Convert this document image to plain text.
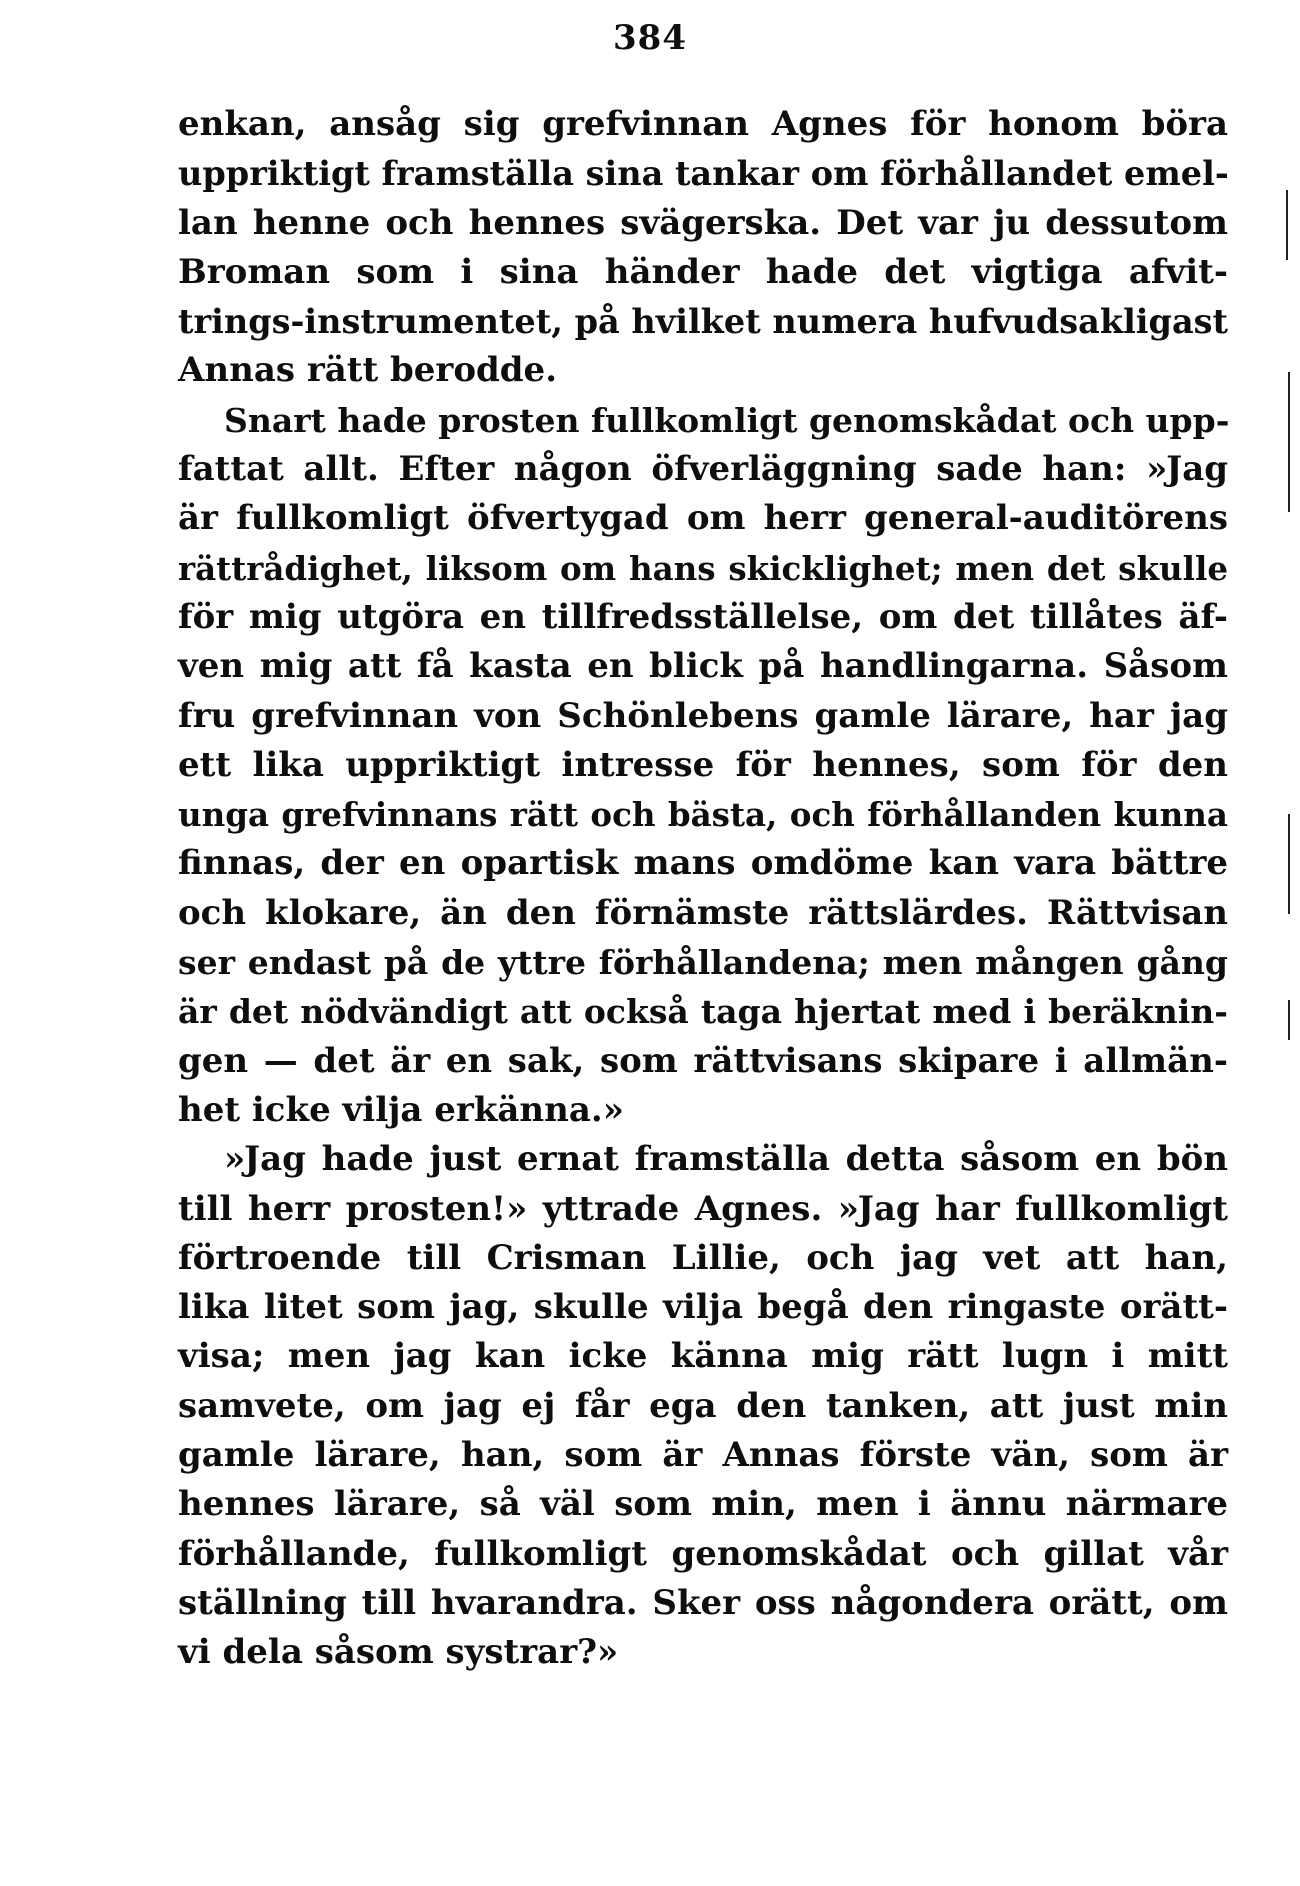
384
enkan, ansåg sig grefvinnan Agnes för honom böra
uppriktigt framställa sina tankar om förhållandet emel-
lan henne och hennes svägerska. Det var ju dessutom
Broman som i sina händer hade det vigtiga afvit-
trings-instrumentet, på hvilket numera hufvudsakligast
Annas rätt berodde.
Snart hade prosten fullkomligt genomskådat och upp-
fattat allt. Efter någon öfverläggning sade han: »Jag
är fullkomligt öfvertygad om herr general-auditörens
rättrådighet, liksom om hans skicklighet; men det skulle
för mig utgöra en tillfredsställelse, om det tillåtes äf-
ven mig att få kasta en blick på handlingarna. Såsom
fru grefvinnan von Schönlebens gamle lärare, har jag
ett lika uppriktigt intresse för hennes, som för den
unga grefvinnans rätt och bästa, och förhållanden kunna
finnas, der en opartisk mans omdöme kan vara bättre
och klokare, än den förnämste rättslärdes. Rättvisan
ser endast på de yttre förhållandena; men mången gång
är det nödvändigt att också taga hjertat med i beräknin-
gen — det är en sak, som rättvisans skipare i allmän-
het icke vilja erkänna.»
»Jag hade just ernat framställa detta såsom en bön
till herr prosten!» yttrade Agnes. »Jag har fullkomligt
förtroende till Crisman Lillie, och jag vet att han,
lika litet som jag, skulle vilja begå den ringaste orätt-
visa; men jag kan icke känna mig rätt lugn i mitt
samvete, om jag ej får ega den tanken, att just min
gamle lärare, han, som är Annas förste vän, som är
hennes lärare, så väl som min, men i ännu närmare
förhållande, fullkomligt genomskådat och gillat vår
ställning till hvarandra. Sker oss någondera orätt, om
vi dela såsom systrar?»
